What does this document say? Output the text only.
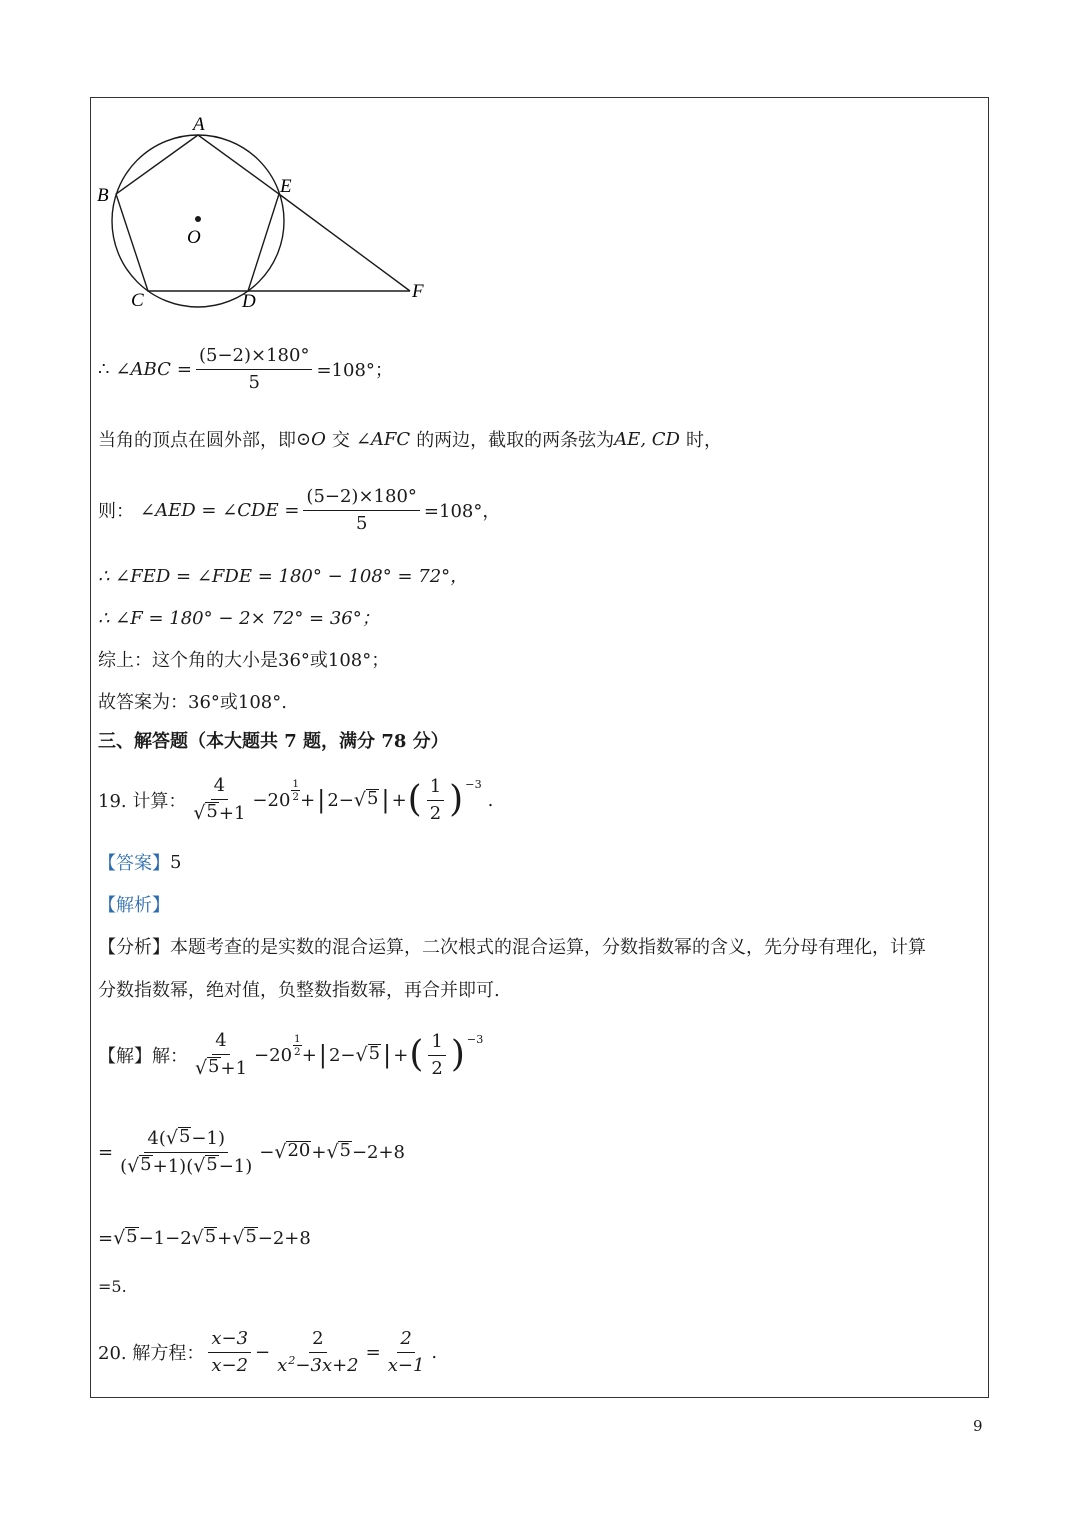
A
B
C	D
E
F
O
∴ ∠ABC = $\frac{(5-2)\times 180^\circ}{5} =108^\circ$；
当角的顶点在圆外部，即 ⊙O 交 ∠AFC 的两边，截取的两条弦为 AE, CD 时，
则： ∠AED = ∠CDE = $\frac{(5-2)\times 180^\circ}{5} =108^\circ$，
∴ ∠FED = ∠FDE = 180° − 108° = 72°，
∴ ∠F = 180° − 2× 72° = 36°；
综上：这个角的大小是36°或108°；
故答案为：36°或108°.
三、解答题（本大题共 7 题，满分 78 分）
19. 计算： $\frac{4}{√ 5 +1} -20$
1
2 + | 2− √ 5 | + ( $\frac{1}{2}$ ) −3
.
【答案】 5
【解析】
【分析】本题考查的是实数的混合运算，二次根式的混合运算，分数指数幂的含义，先分母有理化，计算
分数指数幂，绝对值，负整数指数幂，再合并即可.
【解】解： $\frac{4}{√ 5 +1} -20$
1
2 + | 2− √ 5 | + ( $\frac{1}{2}$ ) −3
= $\frac{4( √ 5 -1)}{( √ 5 +1)( √ 5 -1)}$ − √ 20 + √ 5 −2+8
= √ 5 −1−2 √ 5 + √ 5 −2+8
=5.
20. 解方程： $\frac{x-3}{x-2} - \frac{2}{x^2-3x+2} = \frac{2}{x-1}$ .
9
